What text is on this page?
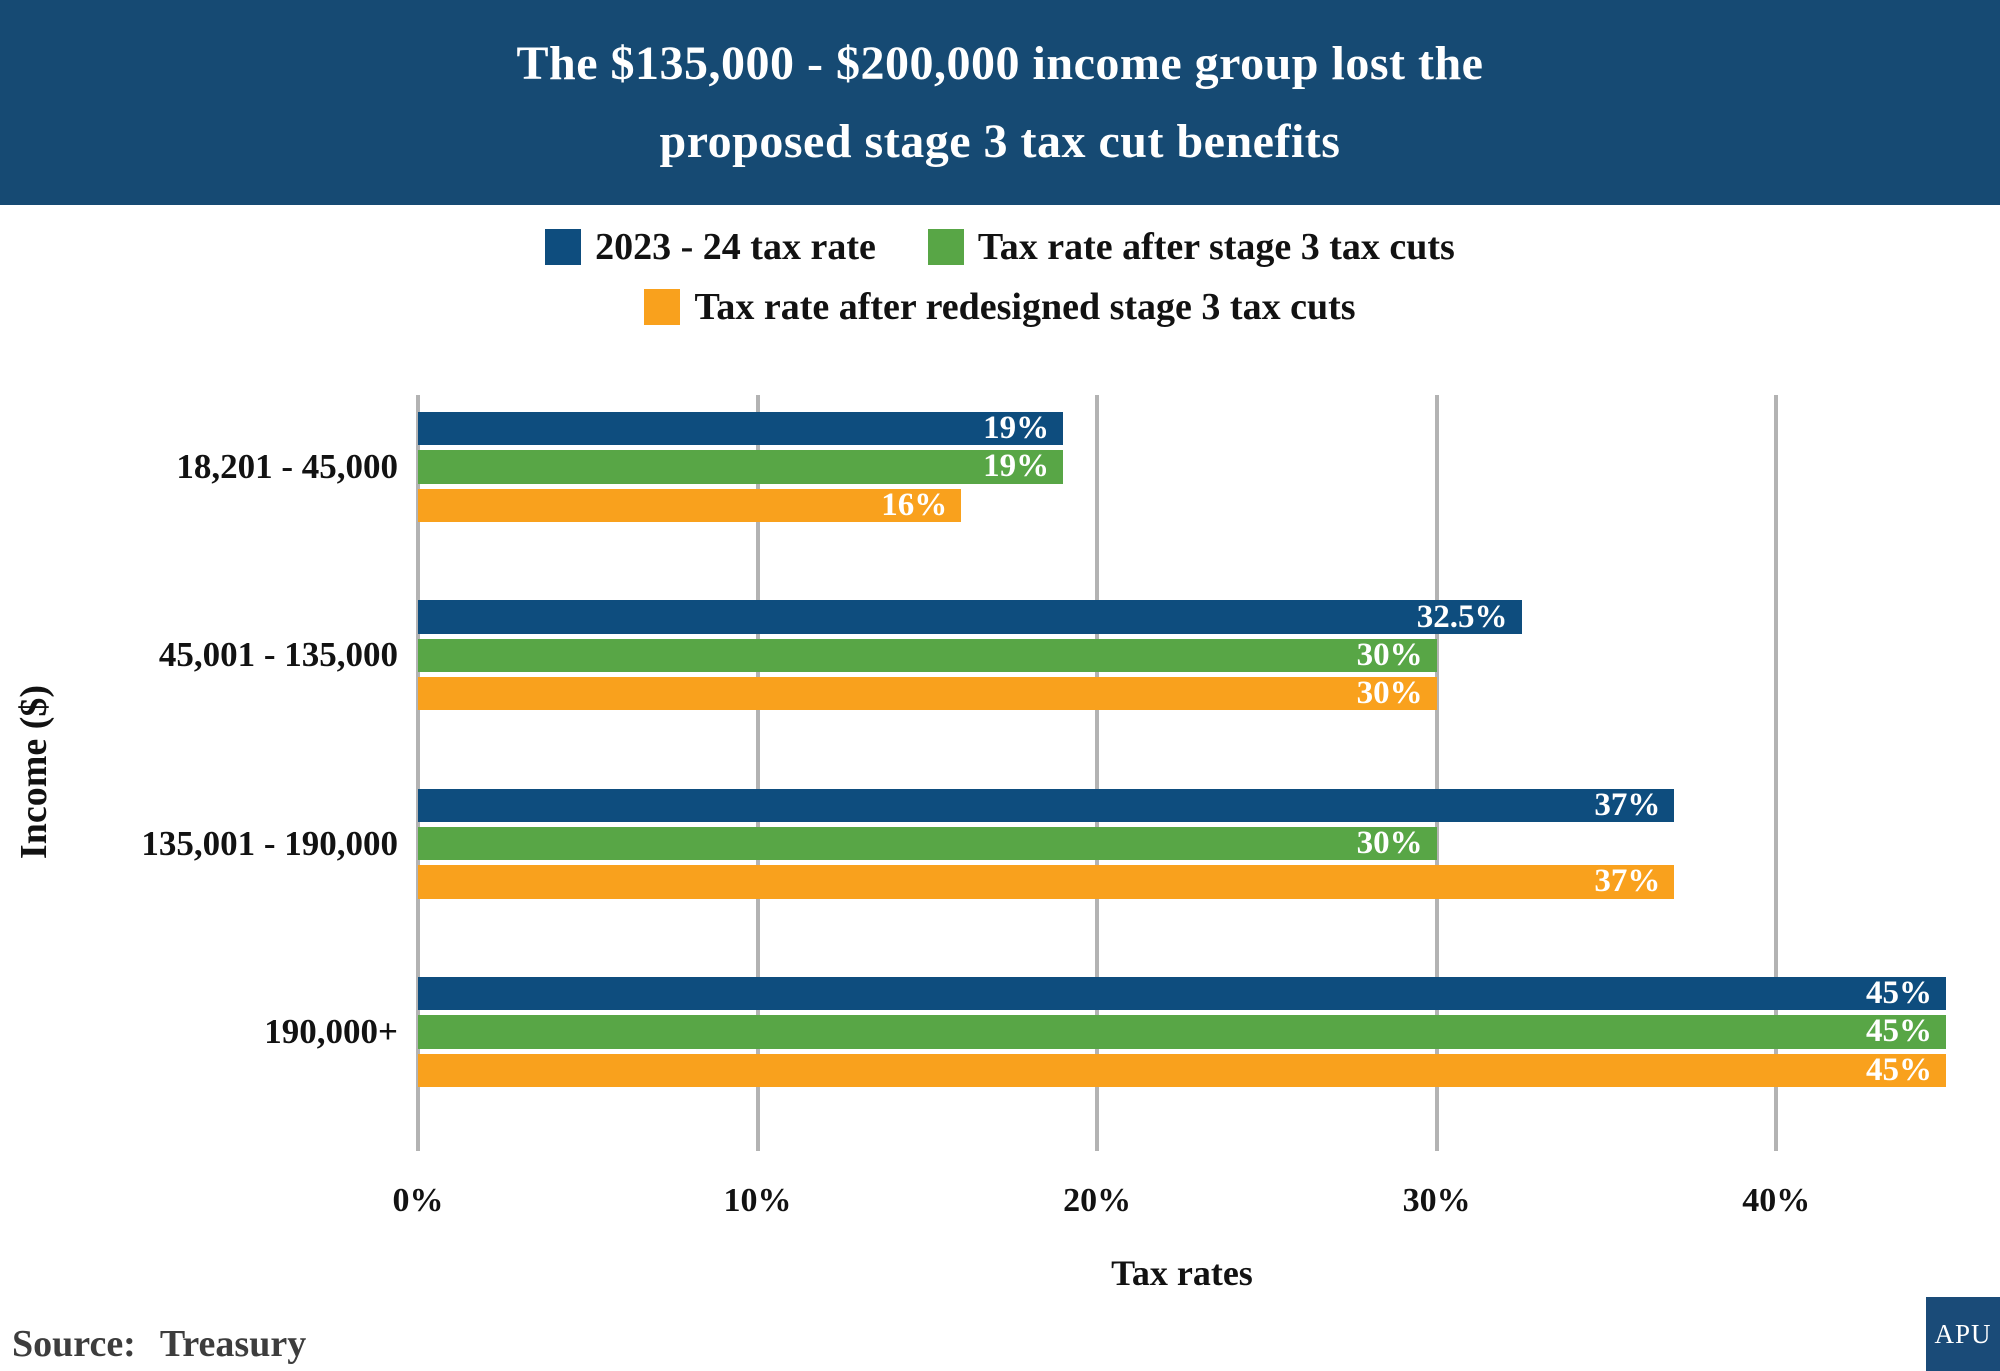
The $135,000 - $200,000 income group lost the
proposed stage 3 tax cut benefits
2023 - 24 tax rate	Tax rate after stage 3 tax cuts
Tax rate after redesigned stage 3 tax cuts
Income ($)
18,201 - 45,000
45,001 - 135,000
135,001 - 190,000
190,000+
19%
19%
16%
32.5%
30%
30%
37%
30%
37%
45%
45%
45%
0%	10%	20%	30%	40%
Tax rates
Source: Treasury	APU
